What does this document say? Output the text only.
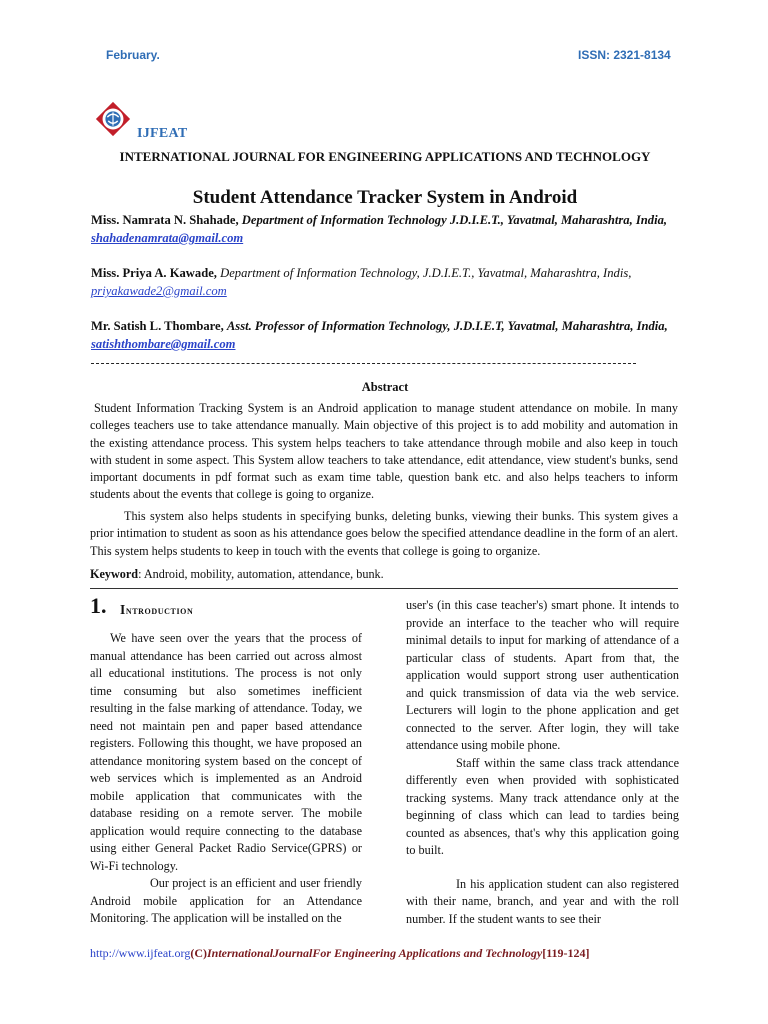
February.	ISSN: 2321-8134
IJFEAT
INTERNATIONAL JOURNAL FOR ENGINEERING APPLICATIONS AND TECHNOLOGY
Student Attendance Tracker System in Android
Miss. Namrata N. Shahade, Department of Information Technology J.D.I.E.T., Yavatmal, Maharashtra, India, shahadenamrata@gmail.com
Miss. Priya A. Kawade, Department of Information Technology, J.D.I.E.T., Yavatmal, Maharashtra, Indis, priyakawade2@gmail.com
Mr. Satish L. Thombare, Asst. Professor of Information Technology, J.D.I.E.T, Yavatmal, Maharashtra, India, satishthombare@gmail.com
Abstract

Student Information Tracking System is an Android application to manage student attendance on mobile. In many colleges teachers use to take attendance manually. Main objective of this project is to add mobility and automation in the existing attendance process. This system helps teachers to take attendance through mobile and also keep in touch with student in some aspect. This System allow teachers to take attendance, edit attendance, view student's bunks, send important documents in pdf format such as exam time table, question bank etc. and also helps teachers to inform students about the events that college is going to organize.

This system also helps students in specifying bunks, deleting bunks, viewing their bunks. This system gives a prior intimation to student as soon as his attendance goes below the specified attendance deadline in the form of an alert. This system helps students to keep in touch with the events that college is going to organize.

Keyword: Android, mobility, automation, attendance, bunk.
1. Introduction

We have seen over the years that the process of manual attendance has been carried out across almost all educational institutions. The process is not only time consuming but also sometimes inefficient resulting in the false marking of attendance. Today, we need not maintain pen and paper based attendance registers. Following this thought, we have proposed an attendance monitoring system based on the concept of web services which is implemented as an Android mobile application that communicates with the database residing on a remote server. The mobile application would require connecting to the database using either General Packet Radio Service(GPRS) or Wi-Fi technology.

Our project is an efficient and user friendly Android mobile application for an Attendance Monitoring. The application will be installed on the

user's (in this case teacher's) smart phone. It intends to provide an interface to the teacher who will require minimal details to input for marking of attendance of a particular class of students. Apart from that, the application would support strong user authentication and quick transmission of data via the web service. Lecturers will login to the phone application and get connected to the server. After login, they will take attendance using mobile phone.

Staff within the same class track attendance differently even when provided with sophisticated tracking systems. Many track attendance only at the beginning of class which can lead to tardies being counted as absences, that's why this application going to built.

In his application student can also registered with their name, branch, and year and with the roll number. If the student wants to see their

http://www.ijfeat.org(C)InternationalJournalFor Engineering Applications and Technology[119-124]
